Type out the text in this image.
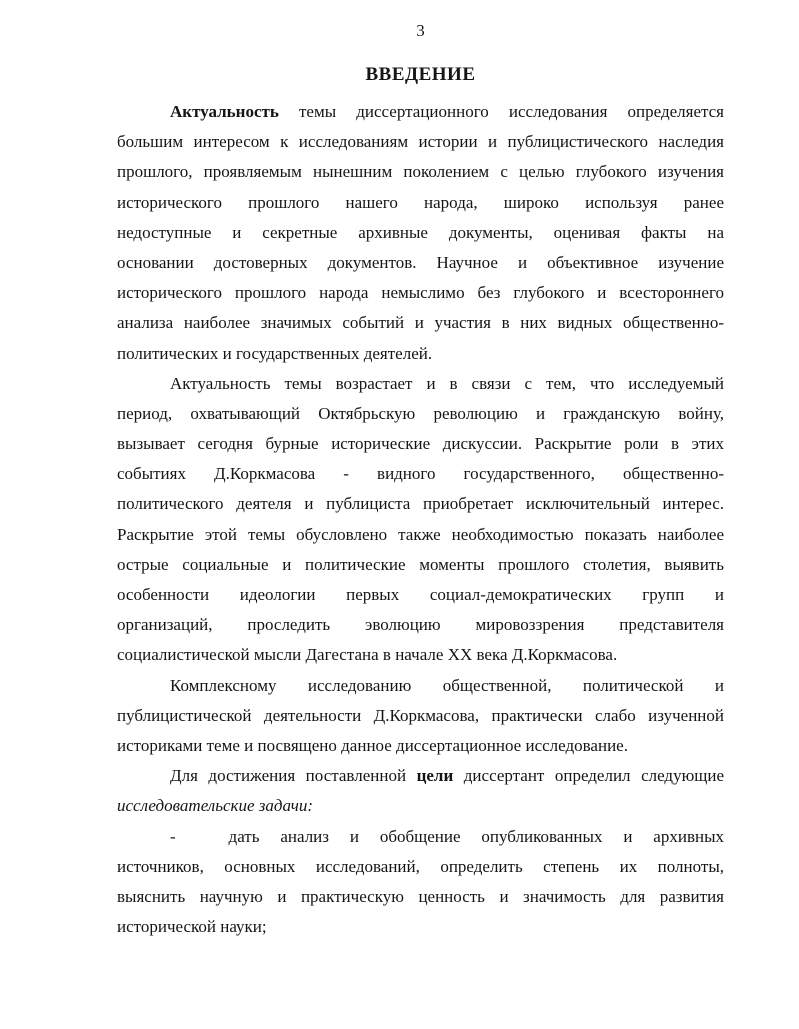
3
ВВЕДЕНИЕ
Актуальность темы диссертационного исследования определяется
большим интересом к исследованиям истории и публицистического наследия
прошлого, проявляемым нынешним поколением с целью глубокого изучения
исторического прошлого нашего народа, широко используя ранее
недоступные и секретные архивные документы, оценивая факты на
основании достоверных документов. Научное и объективное изучение
исторического прошлого народа немыслимо без глубокого и всестороннего
анализа наиболее значимых событий и участия в них видных общественно-
политических и государственных деятелей.
Актуальность темы возрастает и в связи с тем, что исследуемый
период, охватывающий Октябрьскую революцию и гражданскую войну,
вызывает сегодня бурные исторические дискуссии. Раскрытие роли в этих
событиях Д.Коркмасова - видного государственного, общественно-
политического деятеля и публициста приобретает исключительный интерес.
Раскрытие этой темы обусловлено также необходимостью показать наиболее
острые социальные и политические моменты прошлого столетия, выявить
особенности идеологии первых социал-демократических групп и
организаций, проследить эволюцию мировоззрения представителя
социалистической мысли Дагестана в начале XX века Д.Коркмасова.
Комплексному исследованию общественной, политической и
публицистической деятельности Д.Коркмасова, практически слабо изученной
историками теме и посвящено данное диссертационное исследование.
Для достижения поставленной цели диссертант определил следующие
исследовательские задачи:
- дать анализ и обобщение опубликованных и архивных
источников, основных исследований, определить степень их полноты,
выяснить научную и практическую ценность и значимость для развития
исторической науки;
